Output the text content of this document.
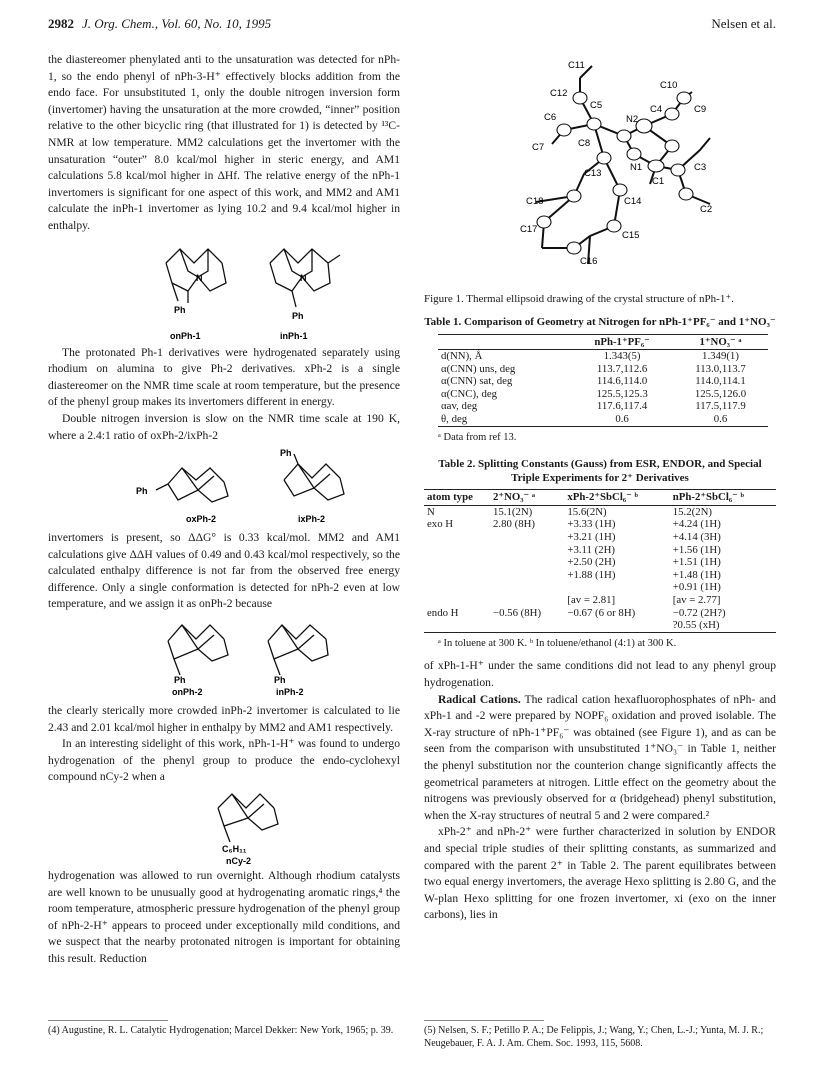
2982 J. Org. Chem., Vol. 60, No. 10, 1995	Nelsen et al.

the diastereomer phenylated anti to the unsaturation was detected for nPh-1, so the endo phenyl of nPh-3-H⁺ effectively blocks addition from the endo face. For unsubstituted 1, only the double nitrogen inversion form (invertomer) having the unsaturation at the more crowded, “inner” position relative to the other bicyclic ring (that illustrated for 1) is detected by ¹³C-NMR at low temperature. MM2 calculations get the invertomer with the unsaturation “outer” 8.0 kcal/mol higher in steric energy, and AM1 calculations 5.8 kcal/mol higher in ΔHf. The relative energy of the nPh-1 invertomers is significant for one aspect of this work, and MM2 and AM1 calculate the inPh-1 invertomer as lying 10.2 and 9.4 kcal/mol higher in enthalpy.

N	N
Ph
Ph
onPh-1	inPh-1

The protonated Ph-1 derivatives were hydrogenated separately using rhodium on alumina to give Ph-2 derivatives. xPh-2 is a single diastereomer on the NMR time scale at room temperature, but the presence of the phenyl group makes its invertomers different in energy.

Double nitrogen inversion is slow on the NMR time scale at 190 K, where a 2.4:1 ratio of oxPh-2/ixPh-2

Ph
Ph
oxPh-2	ixPh-2

invertomers is present, so ΔΔG° is 0.33 kcal/mol. MM2 and AM1 calculations give ΔΔH values of 0.49 and 0.43 kcal/mol respectively, so the calculated enthalpy difference is not far from the observed free energy difference. Only a single conformation is detected for nPh-2 even at low temperature, and we assign it as onPh-2 because

Ph	Ph
onPh-2	inPh-2

the clearly sterically more crowded inPh-2 invertomer is calculated to lie 2.43 and 2.01 kcal/mol higher in enthalpy by MM2 and AM1 respectively.

In an interesting sidelight of this work, nPh-1-H⁺ was found to undergo hydrogenation of the phenyl group to produce the endo-cyclohexyl compound nCy-2 when a

C₆H₁₁
nCy-2

hydrogenation was allowed to run overnight. Although rhodium catalysts are well known to be unusually good at hydrogenating aromatic rings,⁴ the room temperature, atmospheric pressure hydrogenation of the phenyl group of nPh-2-H⁺ appears to proceed under exceptionally mild conditions, and we suspect that the nearby protonated nitrogen is important for obtaining this result. Reduction

C11
C10
C12
C5
N2
C4	C9
C6
C8
C7
N1
C1
C3
C2
C13
C18	C14
C17
C15
C16

Figure 1. Thermal ellipsoid drawing of the crystal structure of nPh-1⁺.

Table 1. Comparison of Geometry at Nitrogen for nPh-1⁺PF₆⁻ and 1⁺NO₃⁻
	nPh-1⁺PF₆⁻	1⁺NO₃⁻ ᵃ
d(NN), Å	1.343(5)	1.349(1)
α(CNN) uns, deg	113.7,112.6	113.0,113.7
α(CNN) sat, deg	114.6,114.0	114.0,114.1
α(CNC), deg	125.5,125.3	125.5,126.0
αav, deg	117.6,117.4	117.5,117.9
θ, deg	0.6	0.6
ᵃ Data from ref 13.
Table 2. Splitting Constants (Gauss) from ESR, ENDOR, and Special Triple Experiments for 2⁺ Derivatives
atom type	2⁺NO₃⁻ ᵃ	xPh-2⁺SbCl₆⁻ ᵇ	nPh-2⁺SbCl₆⁻ ᵇ
N	15.1(2N)	15.6(2N)	15.2(2N)
exo H	2.80 (8H)	+3.33 (1H)	+4.24 (1H)
		+3.21 (1H)	+4.14 (3H)
		+3.11 (2H)	+1.56 (1H)
		+2.50 (2H)	+1.51 (1H)
		+1.88 (1H)	+1.48 (1H)
			+0.91 (1H)
		[av = 2.81]	[av = 2.77]
endo H	−0.56 (8H)	−0.67 (6 or 8H)	−0.72 (2H?)
			?0.55 (xH)
ᵃ In toluene at 300 K. ᵇ In toluene/ethanol (4:1) at 300 K.

of xPh-1-H⁺ under the same conditions did not lead to any phenyl group hydrogenation.

Radical Cations. The radical cation hexafluorophosphates of nPh- and xPh-1 and -2 were prepared by NOPF₆ oxidation and proved isolable. The X-ray structure of nPh-1⁺PF₆⁻ was obtained (see Figure 1), and as can be seen from the comparison with unsubstituted 1⁺NO₃⁻ in Table 1, neither the phenyl substitution nor the counterion change significantly affects the geometrical parameters at nitrogen. Little effect on the geometry about the nitrogens was previously observed for α (bridgehead) phenyl substitution, when the X-ray structures of neutral 5 and 2 were compared.²

xPh-2⁺ and nPh-2⁺ were further characterized in solution by ENDOR and special triple studies of their splitting constants, as summarized and compared with the parent 2⁺ in Table 2. The parent equilibrates between two equal energy invertomers, the average Hexo splitting is 2.80 G, and the W-plan Hexo splitting for one frozen invertomer, xi (exo on the inner carbons), lies in

(4) Augustine, R. L. Catalytic Hydrogenation; Marcel Dekker: New York, 1965; p. 39.	(5) Nelsen, S. F.; Petillo P. A.; De Felippis, J.; Wang, Y.; Chen, L.-J.; Yunta, M. J. R.; Neugebauer, F. A. J. Am. Chem. Soc. 1993, 115, 5608.
